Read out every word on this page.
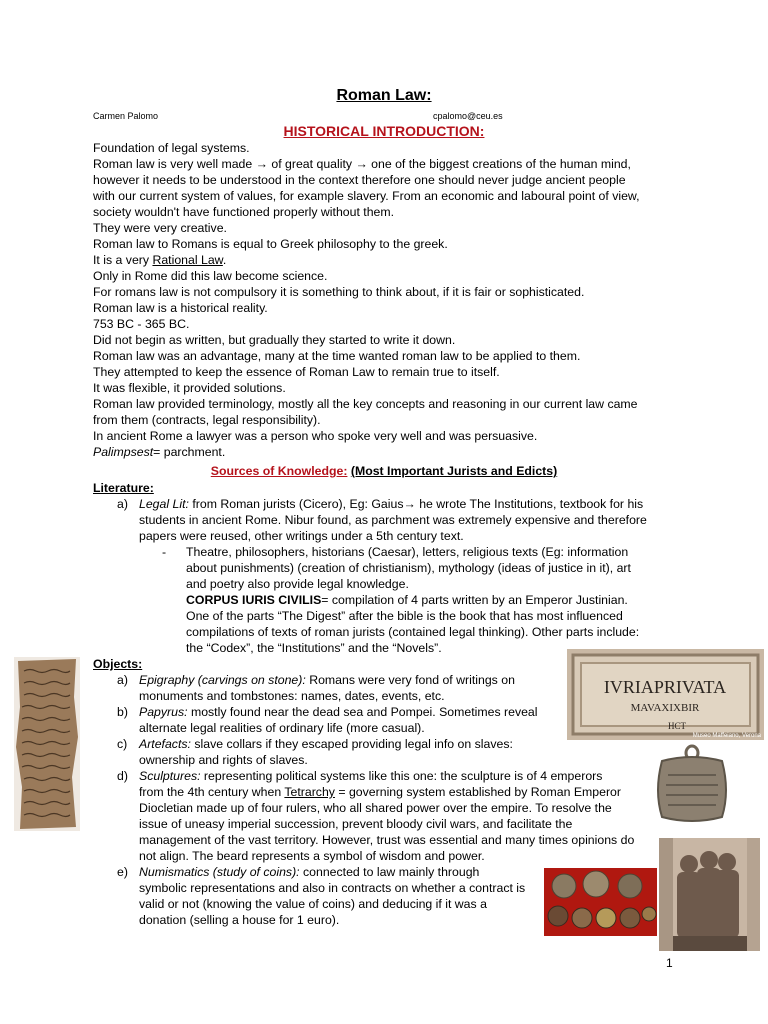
Roman Law:
Carmen Palomo	cpalomo@ceu.es
HISTORICAL INTRODUCTION:
Foundation of legal systems.
Roman law is very well made → of great quality → one of the biggest creations of the human mind,
however it needs to be understood in the context therefore one should never judge ancient people
with our current system of values, for example slavery. From an economic and laboural point of view,
society wouldn't have functioned properly without them.
They were very creative.
Roman law to Romans is equal to Greek philosophy to the greek.
It is a very Rational Law.
Only in Rome did this law become science.
For romans law is not compulsory it is something to think about, if it is fair or sophisticated.
Roman law is a historical reality.
753 BC - 365 BC.
Did not begin as written, but gradually they started to write it down.
Roman law was an advantage, many at the time wanted roman law to be applied to them.
They attempted to keep the essence of Roman Law to remain true to itself.
It was flexible, it provided solutions.
Roman law provided terminology, mostly all the key concepts and reasoning in our current law came
from them (contracts, legal responsibility).
In ancient Rome a lawyer was a person who spoke very well and was persuasive.
Palimpsest= parchment.
Sources of Knowledge: (Most Important Jurists and Edicts)
Literature:
a) Legal Lit: from Roman jurists (Cicero), Eg: Gaius→ he wrote The Institutions, textbook for his
students in ancient Rome. Nibur found, as parchment was extremely expensive and therefore
papers were reused, other writings under a 5th century text.
- Theatre, philosophers, historians (Caesar), letters, religious texts (Eg: information
about punishments) (creation of christianism), mythology (ideas of justice in it), art
and poetry also provide legal knowledge.
CORPUS IURIS CIVILIS= compilation of 4 parts written by an Emperor Justinian.
One of the parts “The Digest” after the bible is the book that has most influenced
compilations of texts of roman jurists (contained legal thinking). Other parts include:
the “Codex”, the “Institutions” and the “Novels”.
Objects:
a) Epigraphy (carvings on stone): Romans were very fond of writings on
monuments and tombstones: names, dates, events, etc.
b) Papyrus: mostly found near the dead sea and Pompei. Sometimes reveal
alternate legal realities of ordinary life (more casual).
c) Artefacts: slave collars if they escaped providing legal info on slaves:
ownership and rights of slaves.
d) Sculptures: representing political systems like this one: the sculpture is of 4 emperors
from the 4th century when Tetrarchy = governing system established by Roman Emperor
Diocletian made up of four rulers, who all shared power over the empire. To resolve the
issue of uneasy imperial succession, prevent bloody civil wars, and facilitate the
management of the vast territory. However, trust was essential and many times opinions do
not align. The beard represents a symbol of wisdom and power.
e) Numismatics (study of coins): connected to law mainly through
symbolic representations and also in contracts on whether a contract is
valid or not (knowing the value of coins) and deducing if it was a
donation (selling a house for 1 euro).
1
IVRIAPRIVATA
MAVAXIXBIR
HCT
Museo Maffeiano, Verona
